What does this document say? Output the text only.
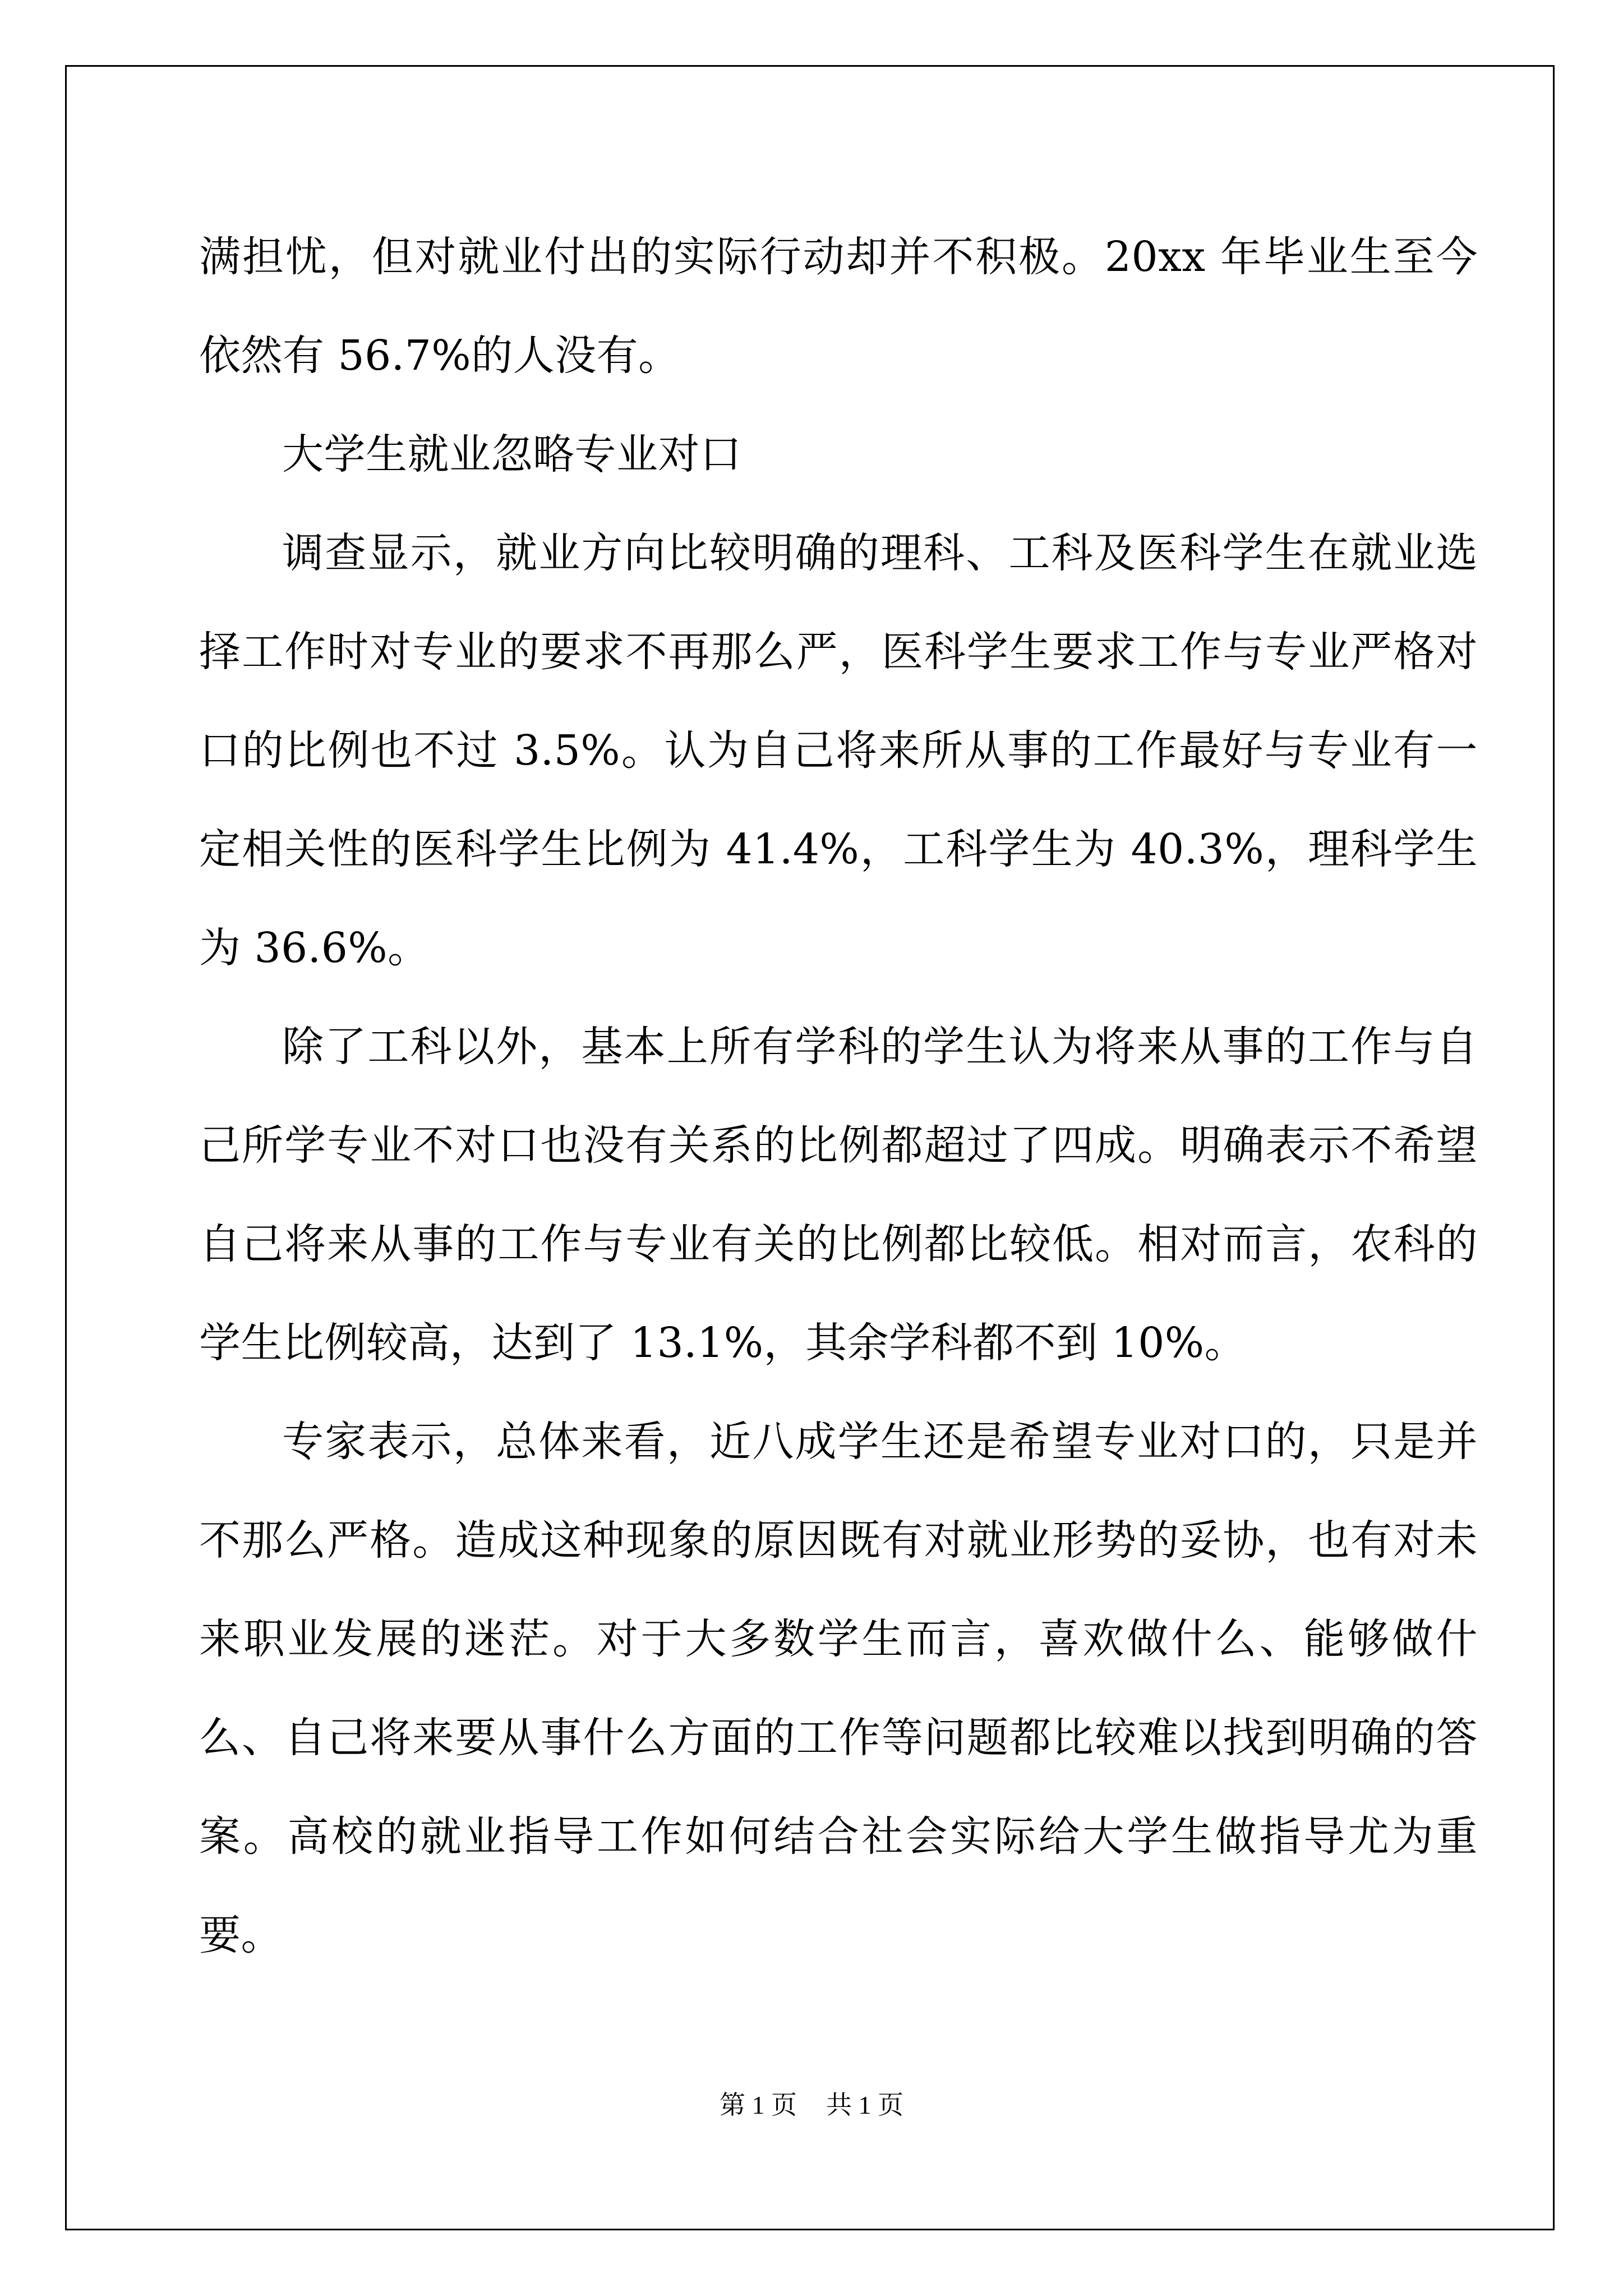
满担忧，但对就业付出的实际行动却并不积极。20xx 年毕业生至今依然有 56.7%的人没有。

大学生就业忽略专业对口

调查显示，就业方向比较明确的理科、工科及医科学生在就业选择工作时对专业的要求不再那么严，医科学生要求工作与专业严格对口的比例也不过 3.5%。认为自己将来所从事的工作最好与专业有一定相关性的医科学生比例为 41.4%，工科学生为 40.3%，理科学生为 36.6%。

除了工科以外，基本上所有学科的学生认为将来从事的工作与自己所学专业不对口也没有关系的比例都超过了四成。明确表示不希望自己将来从事的工作与专业有关的比例都比较低。相对而言，农科的学生比例较高，达到了 13.1%，其余学科都不到 10%。

专家表示，总体来看，近八成学生还是希望专业对口的，只是并不那么严格。造成这种现象的原因既有对就业形势的妥协，也有对未来职业发展的迷茫。对于大多数学生而言，喜欢做什么、能够做什么、自己将来要从事什么方面的工作等问题都比较难以找到明确的答案。高校的就业指导工作如何结合社会实际给大学生做指导尤为重要。

第 1 页 共 1 页
